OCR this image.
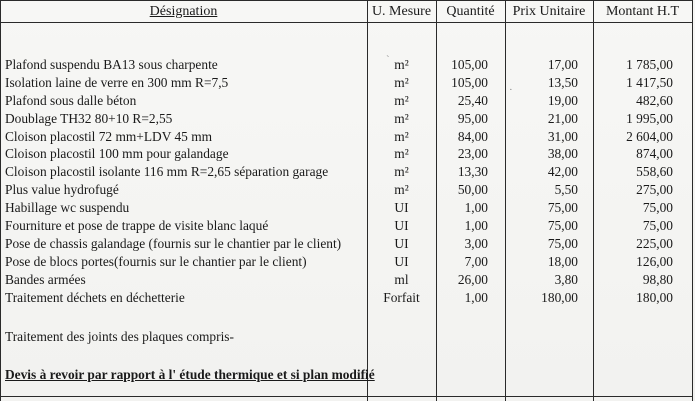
Désignation	U. Mesure	Quantité	Prix Unitaire	Montant H.T
Plafond suspendu BA13 sous charpente	m²	105,00	17,00	1 785,00
Isolation laine de verre en 300 mm R=7,5	m²	105,00	13,50	1 417,50
Plafond sous dalle béton	m²	25,40	19,00	482,60
Doublage TH32 80+10 R=2,55	m²	95,00	21,00	1 995,00
Cloison placostil 72 mm+LDV 45 mm	m²	84,00	31,00	2 604,00
Cloison placostil 100 mm pour galandage	m²	23,00	38,00	874,00
Cloison placostil isolante 116 mm R=2,65 séparation garage	m²	13,30	42,00	558,60
Plus value hydrofugé	m²	50,00	5,50	275,00
Habillage wc suspendu	UI	1,00	75,00	75,00
Fourniture et pose de trappe de visite blanc laqué	UI	1,00	75,00	75,00
Pose de chassis galandage (fournis sur le chantier par le client)	UI	3,00	75,00	225,00
Pose de blocs portes(fournis sur le chantier par le client)	UI	7,00	18,00	126,00
Bandes armées	ml	26,00	3,80	98,80
Traitement déchets en déchetterie	Forfait	1,00	180,00	180,00
Traitement des joints des plaques compris-
Devis à revoir par rapport à l' étude thermique et si plan modifié
ˋ
·
